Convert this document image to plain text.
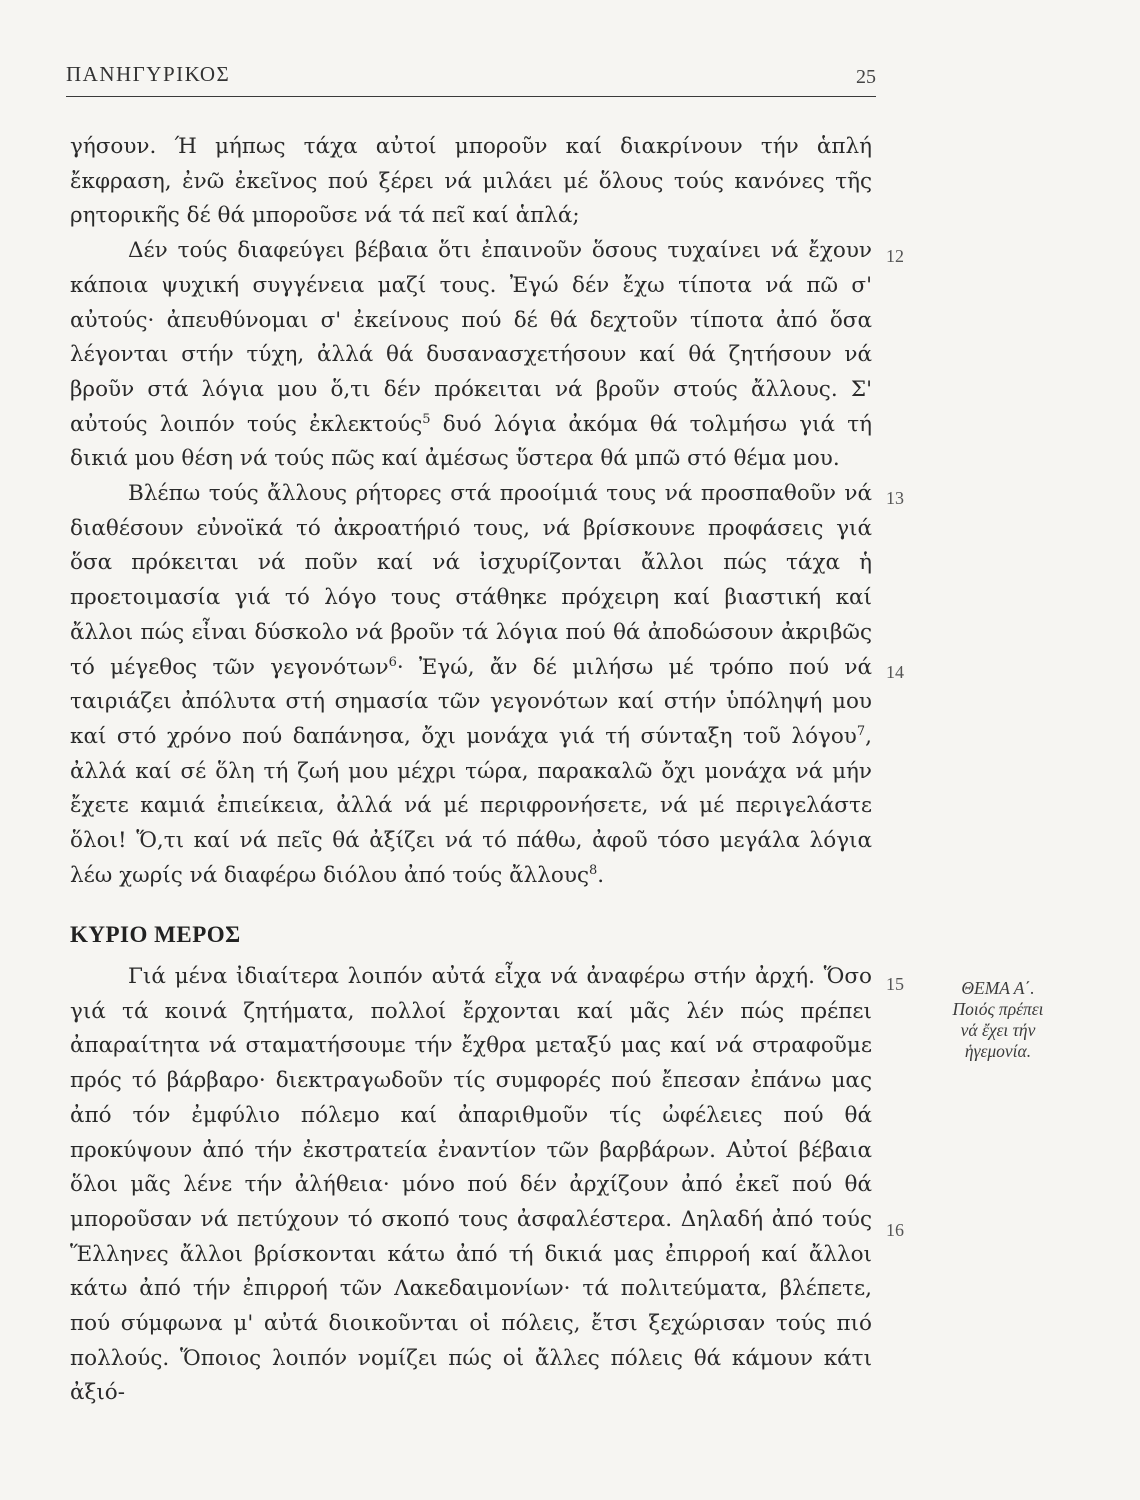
ΠΑΝΗΓΥΡΙΚΟΣ	25

γήσουν. Ή μήπως τάχα αὐτοί μποροῦν καί διακρίνουν τήν ἁπλή ἔκφραση, ἐνῶ ἐκεῖνος πού ξέρει νά μιλάει μέ ὅλους τούς κανόνες τῆς ρητορικῆς δέ θά μποροῦσε νά τά πεῖ καί ἁπλά;

Δέν τούς διαφεύγει βέβαια ὅτι ἐπαινοῦν ὅσους τυχαίνει νά ἔχουν κάποια ψυχική συγγένεια μαζί τους. Ἐγώ δέν ἔχω τίποτα νά πῶ σ' αὐτούς· ἀπευθύνομαι σ' ἐκείνους πού δέ θά δεχτοῦν τίποτα ἀπό ὅσα λέγονται στήν τύχη, ἀλλά θά δυσανασχετήσουν καί θά ζητήσουν νά βροῦν στά λόγια μου ὅ,τι δέν πρόκειται νά βροῦν στούς ἄλλους. Σ' αὐτούς λοιπόν τούς ἐκλεκτούς$^5$ δυό λόγια ἀκόμα θά τολμήσω γιά τή δικιά μου θέση νά τούς πῶς καί ἀμέσως ὕστερα θά μπῶ στό θέμα μου.

Βλέπω τούς ἄλλους ρήτορες στά προοίμιά τους νά προσπαθοῦν νά διαθέσουν εὐνοϊκά τό ἀκροατήριό τους, νά βρίσκουνε προφάσεις γιά ὅσα πρόκειται νά ποῦν καί νά ἰσχυρίζονται ἄλλοι πώς τάχα ἡ προετοιμασία γιά τό λόγο τους στάθηκε πρόχειρη καί βιαστική καί ἄλλοι πώς εἶναι δύσκολο νά βροῦν τά λόγια πού θά ἀποδώσουν ἀκριβῶς τό μέγεθος τῶν γεγονότων$^6$· Ἐγώ, ἄν δέ μιλήσω μέ τρόπο πού νά ταιριάζει ἀπόλυτα στή σημασία τῶν γεγονότων καί στήν ὑπόληψή μου καί στό χρόνο πού δαπάνησα, ὄχι μονάχα γιά τή σύνταξη τοῦ λόγου$^7$, ἀλλά καί σέ ὅλη τή ζωή μου μέχρι τώρα, παρακαλῶ ὄχι μονάχα νά μήν ἔχετε καμιά ἐπιείκεια, ἀλλά νά μέ περιφρονήσετε, νά μέ περιγελάστε ὅλοι! Ὅ,τι καί νά πεῖς θά ἀξίζει νά τό πάθω, ἀφοῦ τόσο μεγάλα λόγια λέω χωρίς νά διαφέρω διόλου ἀπό τούς ἄλλους$^8$.

ΚΥΡΙΟ ΜΕΡΟΣ

Γιά μένα ἰδιαίτερα λοιπόν αὐτά εἶχα νά ἀναφέρω στήν ἀρχή. Ὅσο γιά τά κοινά ζητήματα, πολλοί ἔρχονται καί μᾶς λέν πώς πρέπει ἀπαραίτητα νά σταματήσουμε τήν ἔχθρα μεταξύ μας καί νά στραφοῦμε πρός τό βάρβαρο· διεκτραγωδοῦν τίς συμφορές πού ἔπεσαν ἐπάνω μας ἀπό τόν ἐμφύλιο πόλεμο καί ἀπαριθμοῦν τίς ὠφέλειες πού θά προκύψουν ἀπό τήν ἐκστρατεία ἐναντίον τῶν βαρβάρων. Αὐτοί βέβαια ὅλοι μᾶς λένε τήν ἀλήθεια· μόνο πού δέν ἀρχίζουν ἀπό ἐκεῖ πού θά μποροῦσαν νά πετύχουν τό σκοπό τους ἀσφαλέστερα. Δηλαδή ἀπό τούς Ἕλληνες ἄλλοι βρίσκονται κάτω ἀπό τή δικιά μας ἐπιρροή καί ἄλλοι κάτω ἀπό τήν ἐπιρροή τῶν Λακεδαιμονίων· τά πολιτεύματα, βλέπετε, πού σύμφωνα μ' αὐτά διοικοῦνται οἱ πόλεις, ἔτσι ξεχώρισαν τούς πιό πολλούς. Ὅποιος λοιπόν νομίζει πώς οἱ ἄλλες πόλεις θά κάμουν κάτι ἀξιό-

12
13
14
15
16
ΘΕΜΑ Α΄.
Ποιός πρέπει
νά ἔχει τήν
ἡγεμονία.
